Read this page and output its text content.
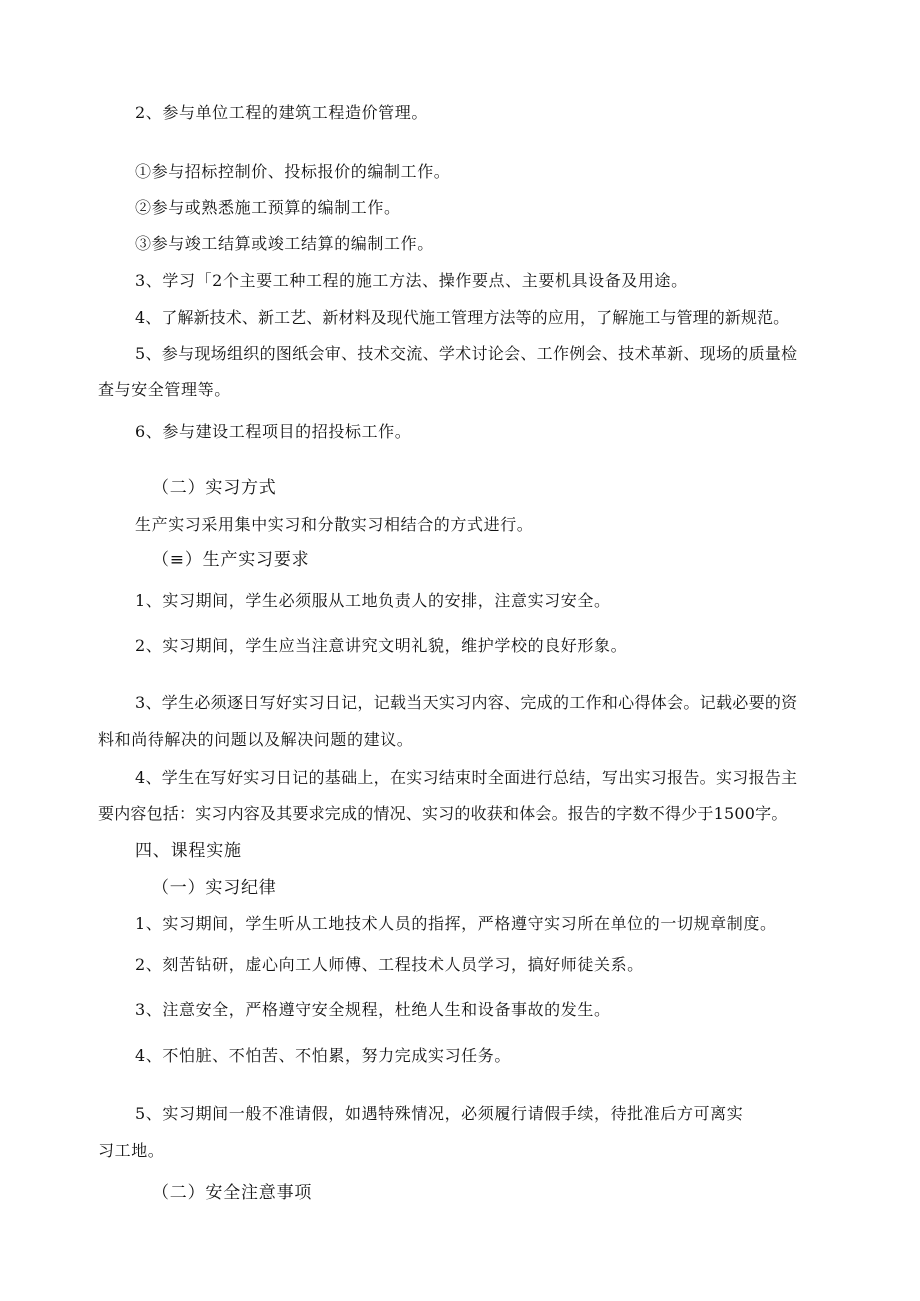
2、参与单位工程的建筑工程造价管理。
①参与招标控制价、投标报价的编制工作。
②参与或熟悉施工预算的编制工作。
③参与竣工结算或竣工结算的编制工作。
3、学习「2个主要工种工程的施工方法、操作要点、主要机具设备及用途。
4、了解新技术、新工艺、新材料及现代施工管理方法等的应用，了解施工与管理的新规范。
5、参与现场组织的图纸会审、技术交流、学术讨论会、工作例会、技术革新、现场的质量检
查与安全管理等。
6、参与建设工程项目的招投标工作。
（二）实习方式
生产实习采用集中实习和分散实习相结合的方式进行。
（≡）生产实习要求
1、实习期间，学生必须服从工地负责人的安排，注意实习安全。
2、实习期间，学生应当注意讲究文明礼貌，维护学校的良好形象。
3、学生必须逐日写好实习日记，记载当天实习内容、完成的工作和心得体会。记载必要的资
料和尚待解决的问题以及解决问题的建议。
4、学生在写好实习日记的基础上，在实习结束时全面进行总结，写出实习报告。实习报告主
要内容包括：实习内容及其要求完成的情况、实习的收获和体会。报告的字数不得少于1500字。
四、课程实施
（一）实习纪律
1、实习期间，学生听从工地技术人员的指挥，严格遵守实习所在单位的一切规章制度。
2、刻苦钻研，虚心向工人师傅、工程技术人员学习，搞好师徒关系。
3、注意安全，严格遵守安全规程，杜绝人生和设备事故的发生。
4、不怕脏、不怕苦、不怕累，努力完成实习任务。
5、实习期间一般不准请假，如遇特殊情况，必须履行请假手续，待批准后方可离实
习工地。
（二）安全注意事项
